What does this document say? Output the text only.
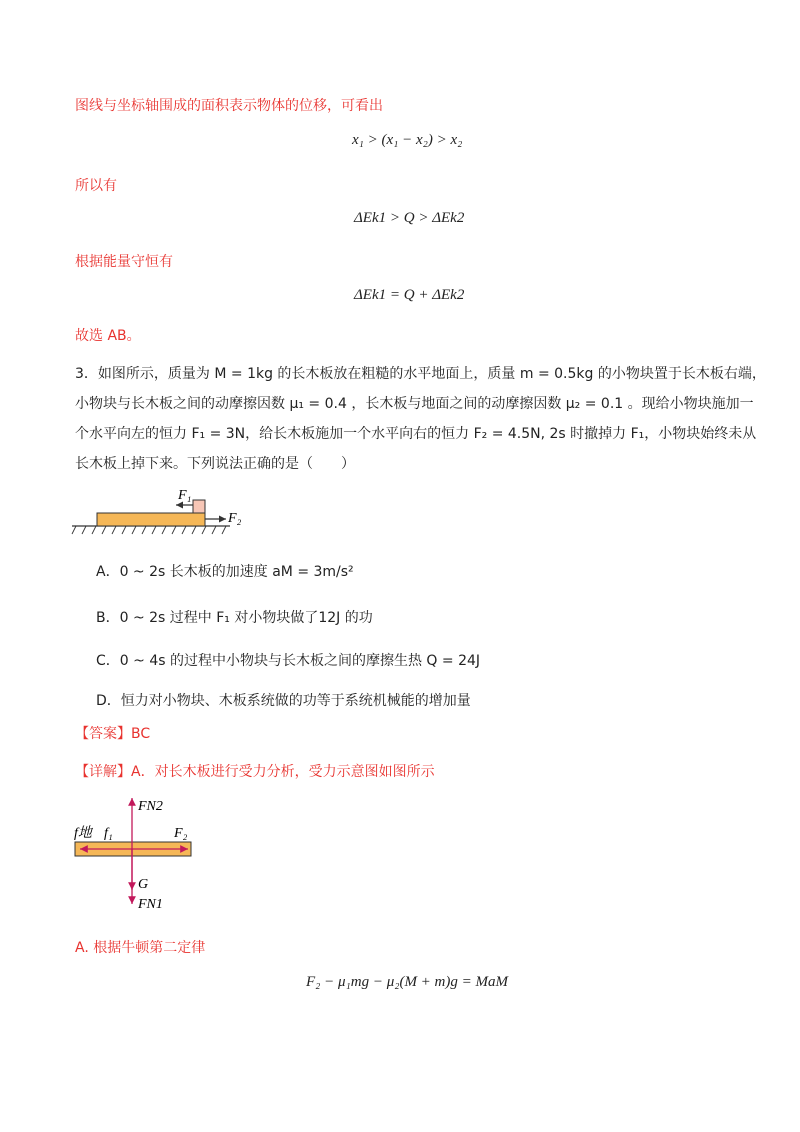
图线与坐标轴围成的面积表示物体的位移，可看出
x₁ > (x₁ − x₂) > x₂
所以有
ΔEk1 > Q > ΔEk2
根据能量守恒有
ΔEk1 = Q + ΔEk2
故选 AB。
3．如图所示，质量为 M = 1kg 的长木板放在粗糙的水平地面上，质量 m = 0.5kg 的小物块置于长木板右端，
小物块与长木板之间的动摩擦因数 μ₁ = 0.4 ，长木板与地面之间的动摩擦因数 μ₂ = 0.1 。现给小物块施加一
个水平向左的恒力 F₁ = 3N，给长木板施加一个水平向右的恒力 F₂ = 4.5N, 2s 时撤掉力 F₁，小物块始终未从
长木板上掉下来。下列说法正确的是（　　）
F₁
F₂
A．0 ~ 2s 长木板的加速度 aM = 3m/s²
B．0 ~ 2s 过程中 F₁ 对小物块做了12J 的功
C．0 ~ 4s 的过程中小物块与长木板之间的摩擦生热 Q = 24J
D．恒力对小物块、木板系统做的功等于系统机械能的增加量
【答案】BC
【详解】A．对长木板进行受力分析，受力示意图如图所示
FN2
f地 f₁	F₂
G
FN1
A. 根据牛顿第二定律
F₂ − μ₁mg − μ₂(M + m)g = MaM
